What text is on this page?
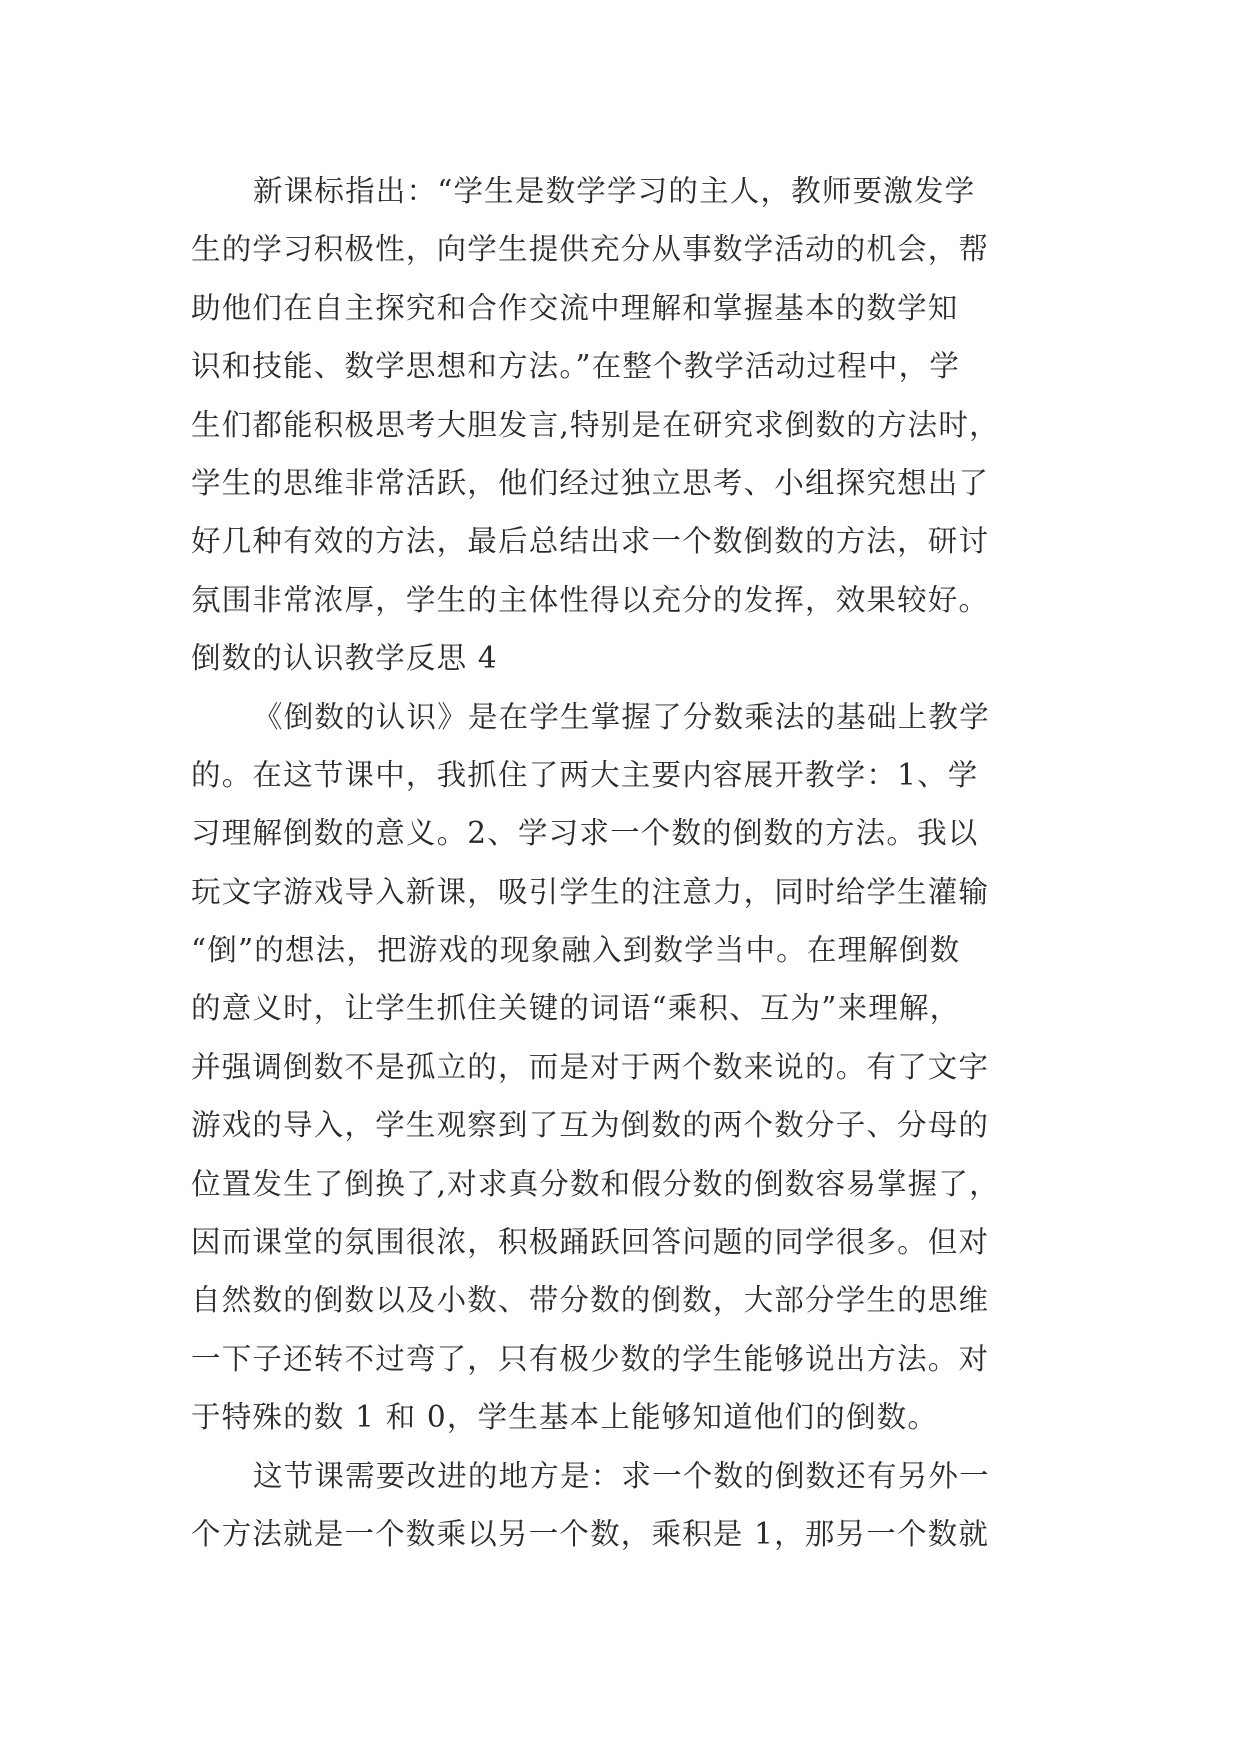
新课标指出：“学生是数学学习的主人，教师要激发学
生的学习积极性，向学生提供充分从事数学活动的机会，帮
助他们在自主探究和合作交流中理解和掌握基本的数学知
识和技能、数学思想和方法。”在整个教学活动过程中，学
生们都能积极思考大胆发言,特别是在研究求倒数的方法时，
学生的思维非常活跃，他们经过独立思考、小组探究想出了
好几种有效的方法，最后总结出求一个数倒数的方法，研讨
氛围非常浓厚，学生的主体性得以充分的发挥，效果较好。
倒数的认识教学反思 4
《倒数的认识》是在学生掌握了分数乘法的基础上教学
的。在这节课中，我抓住了两大主要内容展开教学：1、学
习理解倒数的意义。2、学习求一个数的倒数的方法。我以
玩文字游戏导入新课，吸引学生的注意力，同时给学生灌输
“倒”的想法，把游戏的现象融入到数学当中。在理解倒数
的意义时，让学生抓住关键的词语“乘积、互为”来理解，
并强调倒数不是孤立的，而是对于两个数来说的。有了文字
游戏的导入，学生观察到了互为倒数的两个数分子、分母的
位置发生了倒换了,对求真分数和假分数的倒数容易掌握了，
因而课堂的氛围很浓，积极踊跃回答问题的同学很多。但对
自然数的倒数以及小数、带分数的倒数，大部分学生的思维
一下子还转不过弯了，只有极少数的学生能够说出方法。对
于特殊的数 1 和 0，学生基本上能够知道他们的倒数。
这节课需要改进的地方是：求一个数的倒数还有另外一
个方法就是一个数乘以另一个数，乘积是 1，那另一个数就
